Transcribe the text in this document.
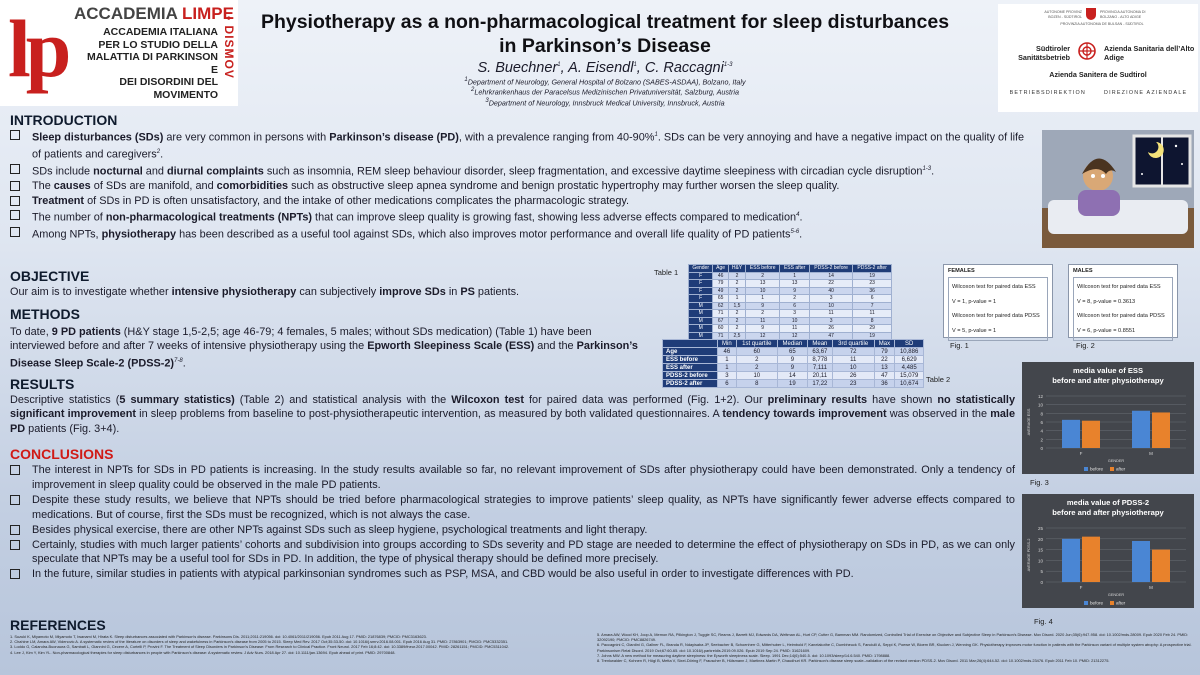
lp ACCADEMIA LIMPE
ACCADEMIA ITALIANA
PER LO STUDIO DELLA
MALATTIA DI PARKINSON E
DEI DISORDINI DEL MOVIMENTO
• DISMOV	Physiotherapy as a non-pharmacological treatment for sleep disturbances
in Parkinson’s Disease
S. Buechner$^1$, A. Eisendl$^1$, C. Raccagni$^{1-3}$
$^1$Department of Neurology, General Hospital of Bolzano (SABES-ASDAA), Bolzano, Italy
$^2$Lehrkrankenhaus der Paracelsus Medizinischen Privatuniversität, Salzburg, Austria
$^3$Department of Neurology, Innsbruck Medical University, Innsbruck, Austria
AUTONOME PROVINZ BOZEN - SÜDTIROL
PROVINCIA AUTONOMA DI BOLZANO - ALTO ADIGE
PROVINZIA AUTONOMA DE BULSAN - SÜDTIROL
Südtiroler Sanitätsbetrieb
Azienda Sanitaria dell’Alto Adige
Azienda Sanitera de Sudtirol
BETRIEBSDIREKTION	DIREZIONE AZIENDALE
INTRODUCTION
Sleep disturbances (SDs) are very common in persons with Parkinson’s disease (PD), with a prevalence ranging from 40-90%$^1$. SDs can be very annoying and have a negative impact on the quality of life of patients and caregivers$^2$.
SDs include nocturnal and diurnal complaints such as insomnia, REM sleep behaviour disorder, sleep fragmentation, and excessive daytime sleepiness with circadian cycle disruption$^{1-3}$.
The causes of SDs are manifold, and comorbidities such as obstructive sleep apnea syndrome and benign prostatic hypertrophy may further worsen the sleep quality.
Treatment of SDs in PD is often unsatisfactory, and the intake of other medications complicates the pharmacologic strategy.
The number of non-pharmacological treatments (NPTs) that can improve sleep quality is growing fast, showing less adverse effects compared to medication$^4$.
Among NPTs, physiotherapy has been described as a useful tool against SDs, which also improves motor performance and overall life quality of PD patients$^{5-6}$.
OBJECTIVE
Our aim is to investigate whether intensive physiotherapy can subjectively improve SDs in PS patients.
METHODS
To date, 9 PD patients (H&Y stage 1,5-2,5; age 46-79; 4 females, 5 males; without SDs medication) (Table 1) have been interviewed before and after 7 weeks of intensive physiotherapy using the Epworth Sleepiness Scale (ESS) and the Parkinson’s Disease Sleep Scale-2 (PDSS-2)$^{7-8}$.
Table 1	Gender	Age	H&Y	ESS before	ESS after	PDSS-2 before	PDSS-2 after
F	46	2	2	1	14	19
F	79	2	13	13	22	23
F	49	2	10	9	40	36
F	65	1	1	2	3	6
M	62	1,5	9	6	10	7
M	71	2	2	3	11	11
M	67	2	11	10	3	8
M	60	2	9	11	26	29
M	71	2,5	12	12	47	19
	Min	1st quartile	Median	Mean	3rd quartile	Max	SD
Age	46	60	65	63,67	72	79	10,886
ESS before	1	2	9	8,778	11	22	6,629
ESS after	1	2	9	7,111	10	13	4,485
PDSS-2 before	3	10	14	20,11	26	47	15,079
PDSS-2 after	6	8	19	17,22	23	36	10,674 Table 2
FEMALES
Wilcoxon test for paired data ESS
V = 1, p-value = 1
Wilcoxon test for paired data PDSS
V = 5, p-value = 1
Fig. 1
MALES
Wilcoxon test for paired data ESS
V = 8, p-value = 0.3613
Wilcoxon test for paired data PDSS
V = 6, p-value = 0.8551
Fig. 2
RESULTS
Descriptive statistics (5 summary statistics) (Table 2) and statistical analysis with the Wilcoxon test for paired data was performed (Fig. 1+2). Our preliminary results have shown no statistically significant improvement in sleep problems from baseline to post-physiotherapeutic intervention, as measured by both validated questionnaires. A tendency towards improvement was observed in the male PD patients (Fig. 3+4).
CONCLUSIONS
The interest in NPTs for SDs in PD patients is increasing. In the study results available so far, no relevant improvement of SDs after physiotherapy could have been demonstrated. Only a tendency of improvement in sleep quality could be observed in the male PD patients.
Despite these study results, we believe that NPTs should be tried before pharmacological strategies to improve patients’ sleep quality, as NPTs have significantly fewer adverse effects compared to medications. But of course, first the SDs must be recognized, which is not always the case.
Besides physical exercise, there are other NPTs against SDs such as sleep hygiene, psychological treatments and light therapy.
Certainly, studies with much larger patients’ cohorts and subdivision into groups according to SDs severity and PD stage are needed to determine the effect of physiotherapy on SDs in PD, as we can only speculate that NPTs may be a useful tool for SDs in PD. In addition, the type of physical therapy should be defined more precisely.
In the future, similar studies in patients with atypical parkinsonian syndromes such as PSP, MSA, and CBD would be also useful in order to investigate differences with PD.
media value of ESS
before and after physiotherapy
0
2
4
6
8
10
12
AVERAGE ESS
F	M
GENDER
before	after
Fig. 3
media value of PDSS-2
before and after physiotherapy
0
5
10
15
20
25
AVERAGE PDSS-2
F	M
GENDER
before	after
Fig. 4
REFERENCES
1. Suzuki K, Miyamoto M, Miyamoto T, Iwanami M, Hirata K. Sleep disturbances associated with Parkinson's disease. Parkinsons Dis. 2011;2011:219056. doi: 10.4061/2011/219056. Epub 2011 Aug 17. PMID: 21876839; PMCID: PMC3163623.
2. Chahine LM, Amara AW, Videnovic A. A systematic review of the literature on disorders of sleep and wakefulness in Parkinson's disease from 2005 to 2015. Sleep Med Rev. 2017 Oct;35:33-50. doi: 10.1016/j.smrv.2016.08.001. Epub 2016 Aug 31. PMID: 27863901; PMCID: PMC5332351.
3. Loddo G, Calandra-Buonaura G, Sambati L, Giannini G, Cecere A, Cortelli P, Provini F. The Treatment of Sleep Disorders in Parkinson's Disease: From Research to Clinical Practice. Front Neurol. 2017 Feb 16;8:42. doi: 10.3389/fneur.2017.00042. PMID: 28261151; PMCID: PMC5311042.
4. Lee J, Kim Y, Kim YL. Non-pharmacological therapies for sleep disturbances in people with Parkinson's disease: A systematic review. J Adv Nurs. 2018 Apr 27. doi: 10.1111/jan.13694. Epub ahead of print. PMID: 29700848.
5. Amara AW, Wood KH, Joop A, Memon RA, Pilkington J, Tuggle SC, Reams J, Barrett MJ, Edwards DA, Weltman AL, Hurt CP, Cutter G, Bamman MM. Randomized, Controlled Trial of Exercise on Objective and Subjective Sleep in Parkinson's Disease. Mov Disord. 2020 Jun;35(6):947-958. doi: 10.1002/mds.28009. Epub 2020 Feb 24. PMID: 32092190; PMCID: PMC8826749.
6. Paccagnini C, Giardini G, Gallner FL, Branda R, Ndayisaba JP, Seebacher B, Schoenherr G, Mitterhuber L, Heimbold F, Kanelakothe C, Dumbheuck S, Fanciulli A, Seppi K, Poewe W, Bloem BR, Klucken J, Wenning GK. Physiotherapy improves motor function in patients with the Parkinson variant of multiple system atrophy: A prospective trial. Parkinsonism Relat Disord. 2019 Oct;67:60-65. doi: 10.1016/j.parkreldis.2019.09.026. Epub 2019 Sep 24. PMID: 31621609.
7. Johns MW. A new method for measuring daytime sleepiness: the Epworth sleepiness scale. Sleep. 1991 Dec;14(6):540-5. doi: 10.1093/sleep/14.6.540. PMID: 1798888.
8. Trenkwalder C, Kohnen R, Högl B, Metta V, Sixel-Döring F, Frauscher B, Hülsmann J, Martinez-Martin P, Chaudhuri KR. Parkinson's disease sleep scale--validation of the revised version PDSS-2. Mov Disord. 2011 Mar;26(4):644-52. doi: 10.1002/mds.23476. Epub 2011 Feb 10. PMID: 21312275.
